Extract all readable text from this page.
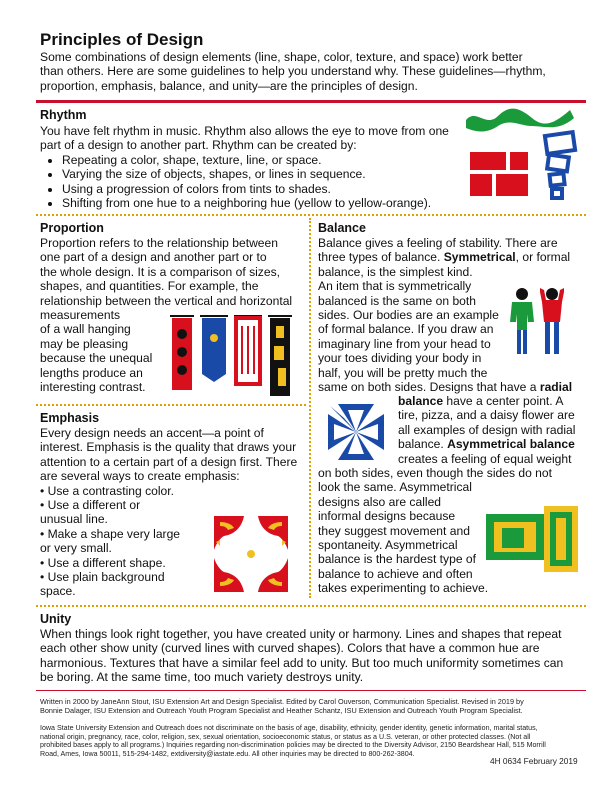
Principles of Design
Some combinations of design elements (line, shape, color, texture, and space) work better
than others. Here are some guidelines to help you understand why. These guidelines—rhythm,
proportion, emphasis, balance, and unity—are the principles of design.
Rhythm
You have felt rhythm in music. Rhythm also allows the eye to move from one
part of a design to another part. Rhythm can be created by:
• Repeating a color, shape, texture, line, or space.
• Varying the size of objects, shapes, or lines in sequence.
• Using a progression of colors from tints to shades.
• Shifting from one hue to a neighboring hue (yellow to yellow-orange).
Proportion
Proportion refers to the relationship between
one part of a design and another part or to
the whole design. It is a comparison of sizes,
shapes, and quantities. For example, the
relationship between the vertical and horizontal
measurements
of a wall hanging
may be pleasing
because the unequal
lengths produce an
interesting contrast.
Emphasis
Every design needs an accent—a point of
interest. Emphasis is the quality that draws your
attention to a certain part of a design first. There
are several ways to create emphasis:
• Use a contrasting color.
• Use a different or
unusual line.
• Make a shape very large
or very small.
• Use a different shape.
• Use plain background
space.
Balance
Balance gives a feeling of stability. There are
three types of balance. Symmetrical, or formal
balance, is the simplest kind.
An item that is symmetrically
balanced is the same on both
sides. Our bodies are an example
of formal balance. If you draw an
imaginary line from your head to
your toes dividing your body in
half, you will be pretty much the
same on both sides. Designs that have a radial
balance have a center point. A
tire, pizza, and a daisy flower are
all examples of design with radial
balance. Asymmetrical balance
creates a feeling of equal weight
on both sides, even though the sides do not
look the same. Asymmetrical
designs also are called
informal designs because
they suggest movement and
spontaneity. Asymmetrical
balance is the hardest type of
balance to achieve and often
takes experimenting to achieve.
Unity
When things look right together, you have created unity or harmony. Lines and shapes that repeat
each other show unity (curved lines with curved shapes). Colors that have a common hue are
harmonious. Textures that have a similar feel add to unity. But too much uniformity sometimes can
be boring. At the same time, too much variety destroys unity.
Written in 2000 by JaneAnn Stout, ISU Extension Art and Design Specialist. Edited by Carol Ouverson, Communication Specialist. Revised in 2019 by
Bonnie Dalager, ISU Extension and Outreach Youth Program Specialist and Heather Schantz, ISU Extension and Outreach Youth Program Specialist.
Iowa State University Extension and Outreach does not discriminate on the basis of age, disability, ethnicity, gender identity, genetic information, marital status,
national origin, pregnancy, race, color, religion, sex, sexual orientation, socioeconomic status, or status as a U.S. veteran, or other protected classes. (Not all
prohibited bases apply to all programs.) Inquiries regarding non-discrimination policies may be directed to the Diversity Advisor, 2150 Beardshear Hall, 515 Morrill
Road, Ames, Iowa 50011, 515-294-1482, extdiversity@iastate.edu. All other inquiries may be directed to 800-262-3804.
4H 0634 February 2019
